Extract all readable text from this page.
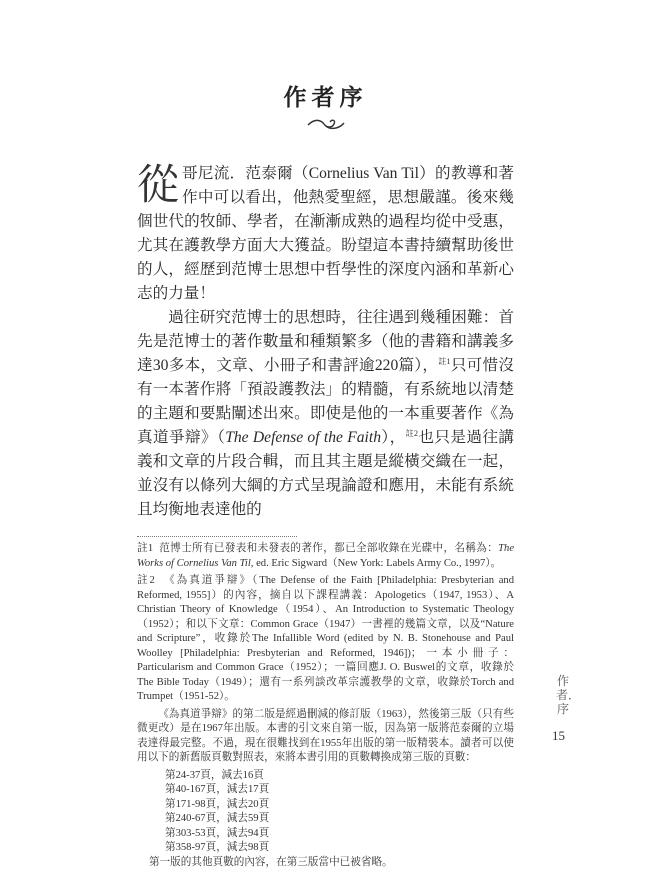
作者序

從哥尼流．范泰爾（Cornelius Van Til）的教導和著作中可以看出，他熱愛聖經，思想嚴謹。後來幾個世代的牧師、學者，在漸漸成熟的過程均從中受惠，尤其在護教學方面大大獲益。盼望這本書持續幫助後世的人，經歷到范博士思想中哲學性的深度內涵和革新心志的力量！

過往研究范博士的思想時，往往遇到幾種困難：首先是范博士的著作數量和種類繁多（他的書籍和講義多達30多本，文章、小冊子和書評逾220篇），$^{註1}$只可惜沒有一本著作將「預設護教法」的精髓，有系統地以清楚的主題和要點闡述出來。即使是他的一本重要著作《為真道爭辯》（The Defense of the Faith），$^{註2}$也只是過往講義和文章的片段合輯，而且其主題是縱橫交織在一起，並沒有以條列大綱的方式呈現論證和應用，未能有系統且均衡地表達他的

註1 范博士所有已發表和未發表的著作，都已全部收錄在光碟中，名稱為：The Works of Cornelius Van Til, ed. Eric Sigward（New York: Labels Army Co., 1997）。

註2 《為真道爭辯》（The Defense of the Faith [Philadelphia: Presbyterian and Reformed, 1955]）的內容，摘自以下課程講義：Apologetics（1947, 1953）、A Christian Theory of Knowledge（1954）、An Introduction to Systematic Theology（1952）；和以下文章：Common Grace（1947）一書裡的幾篇文章，以及“Nature and Scripture”，收錄於The Infallible Word (edited by N. B. Stonehouse and Paul Woolley [Philadelphia: Presbyterian and Reformed, 1946])；一本小冊子：Particularism and Common Grace（1952）；一篇回應J. O. Buswel的文章，收錄於The Bible Today（1949）；還有一系列談改革宗護教學的文章，收錄於Torch and Trumpet（1951-52）。

《為真道爭辯》的第二版是經過刪減的修訂版（1963），然後第三版（只有些微更改）是在1967年出版。本書的引文來自第一版，因為第一版將范泰爾的立場表達得最完整。不過，現在很難找到在1955年出版的第一版精裝本。讀者可以使用以下的新舊版頁數對照表，來將本書引用的頁數轉換成第三版的頁數：

第24-37頁，減去16頁
第40-167頁，減去17頁
第171-98頁，減去20頁
第240-67頁，減去59頁
第303-53頁，減去94頁
第358-97頁，減去98頁

第一版的其他頁數的內容，在第三版當中已被省略。

作者．序
15
